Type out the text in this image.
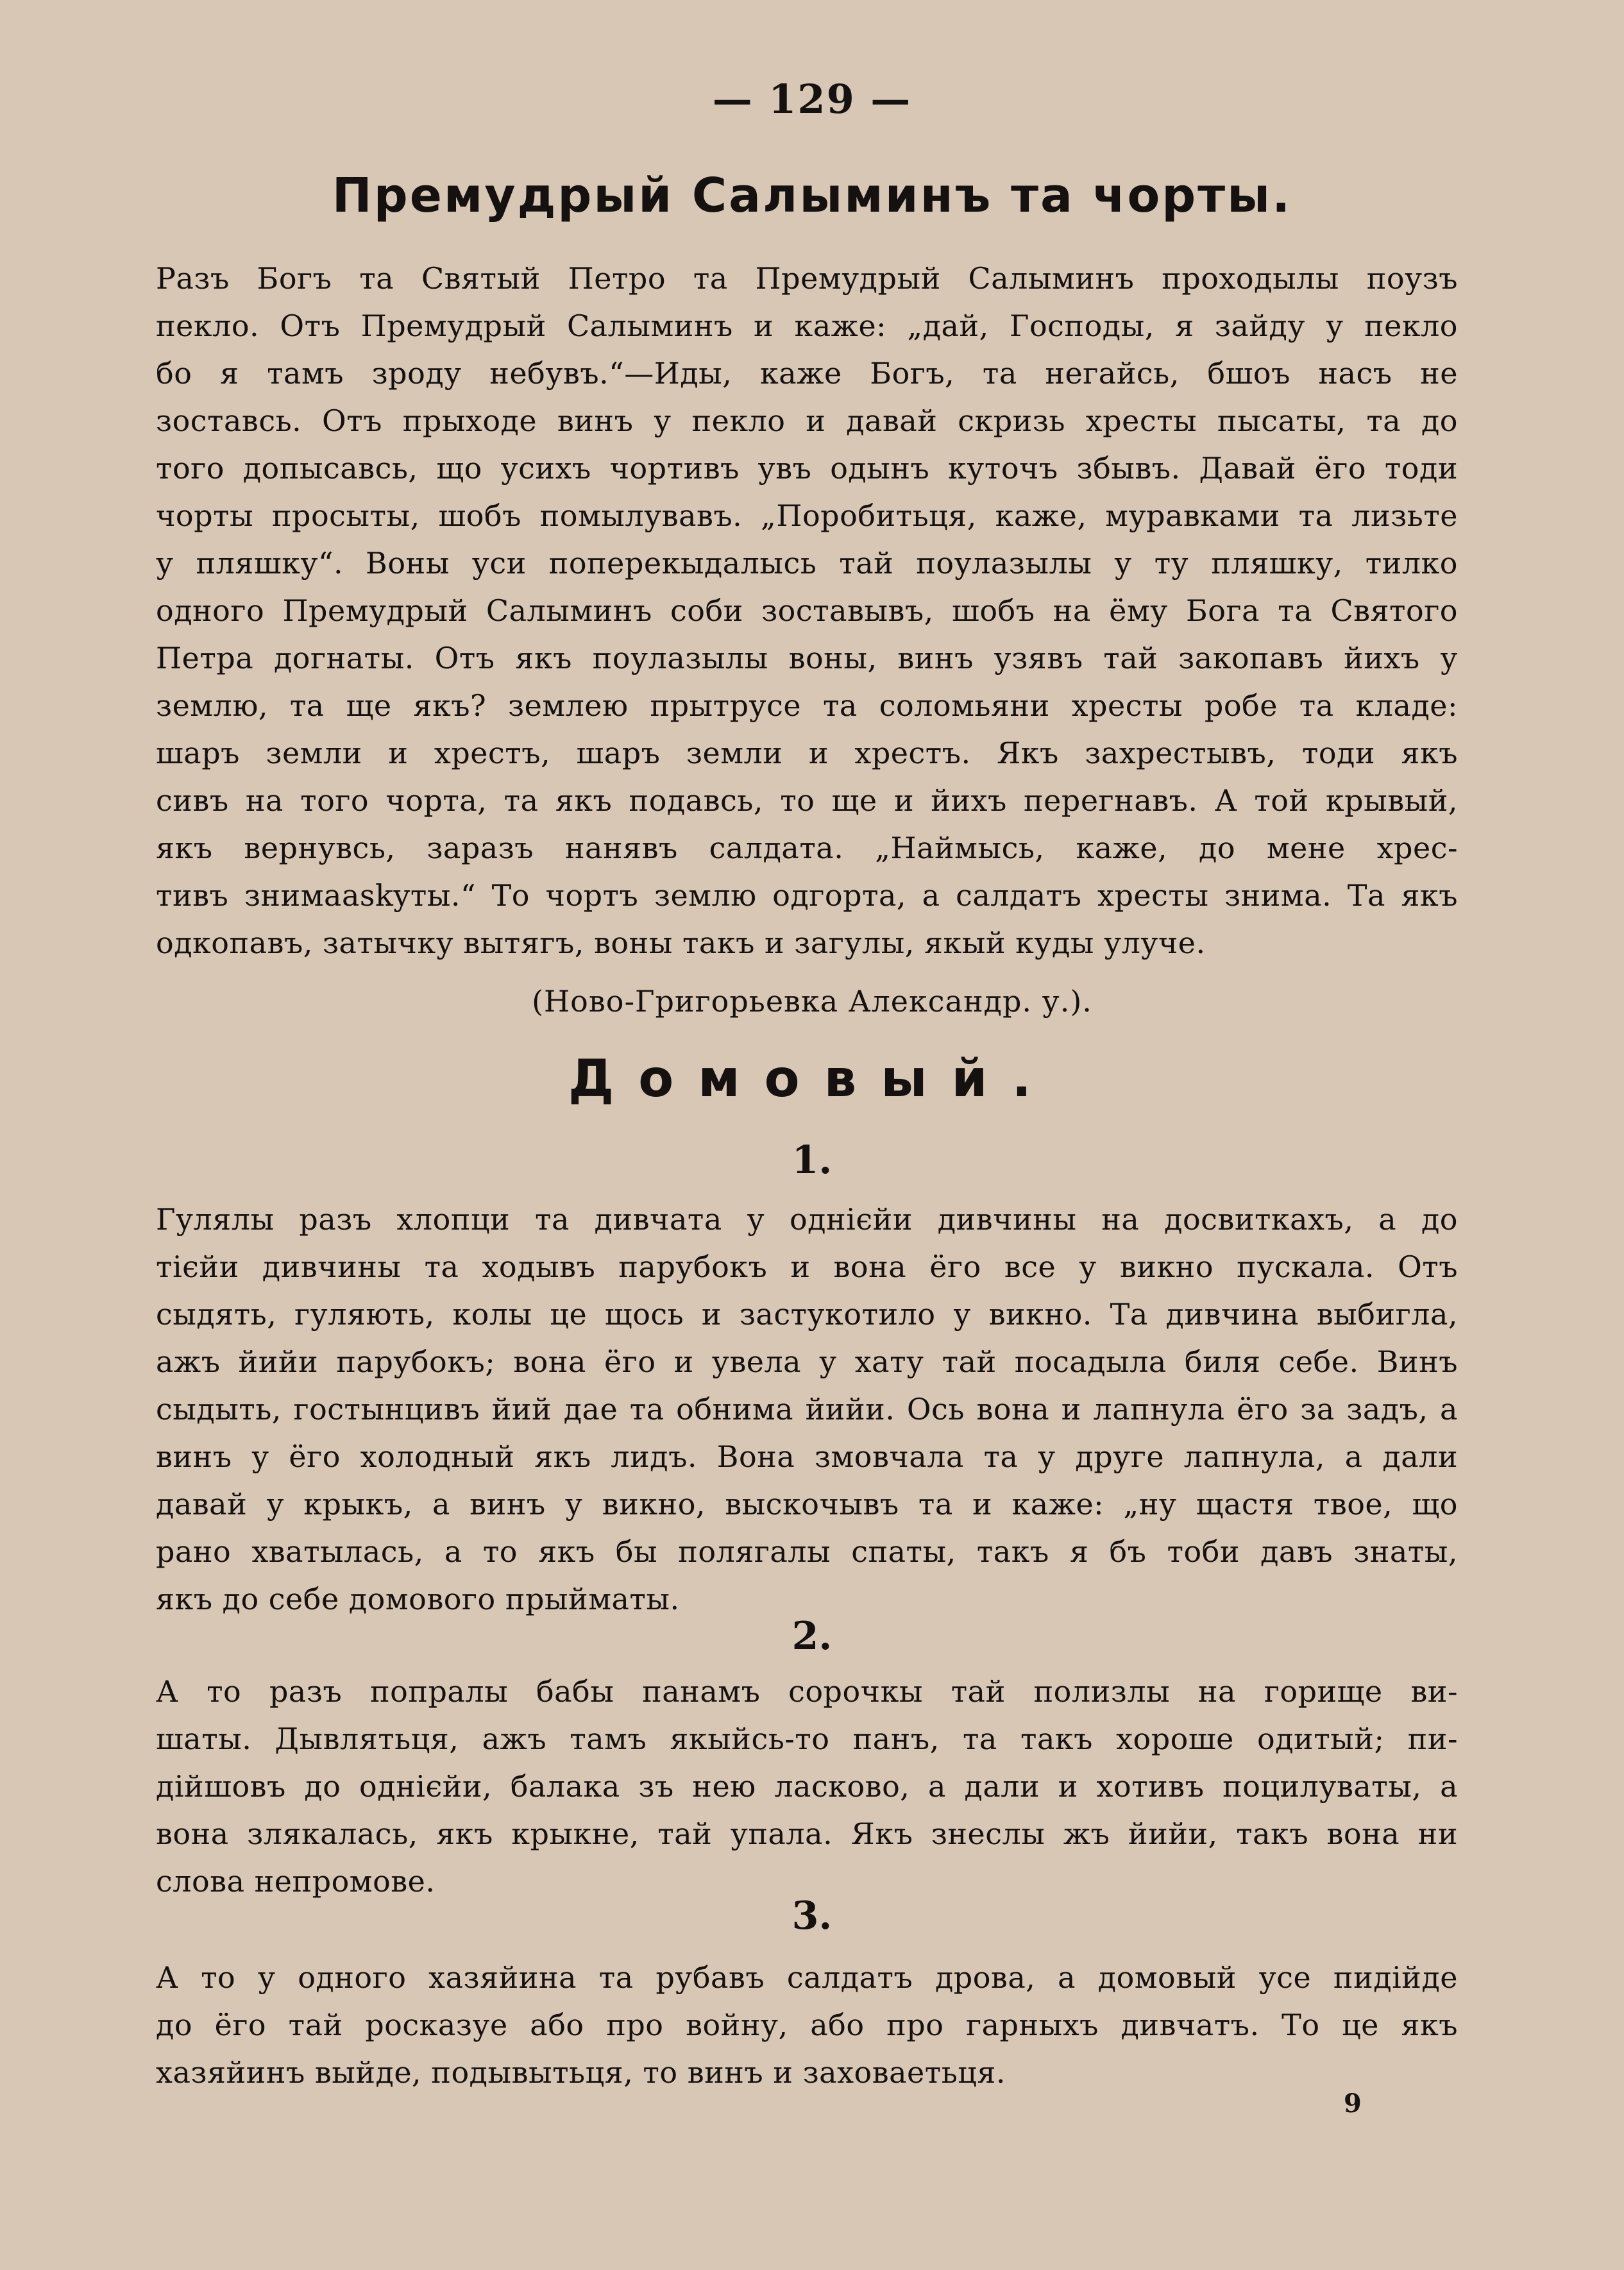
— 129 —
Премудрый Салыминъ та чорты.
Разъ Богъ та Святый Петро та Премудрый Салыминъ проходылы поузъ
пекло. Отъ Премудрый Салыминъ и каже: „дай, Господы, я зайду у пекло
бо я тамъ зроду небувъ.“—Иды, каже Богъ, та негайсь, бшоъ насъ не
зоставсь. Отъ прыходе винъ у пекло и давай скризь хресты пысаты, та до
того допысавсь, що усихъ чортивъ увъ одынъ куточъ збывъ. Давай ёго тоди
чорты просыты, шобъ помылувавъ. „Поробитьця, каже, муравками та лизьте
у пляшку“. Воны уси поперекыдалысь тай поулазылы у ту пляшку, тилко
одного Премудрый Салыминъ соби зоставывъ, шобъ на ёму Бога та Святого
Петра догнаты. Отъ якъ поулазылы воны, винъ узявъ тай закопавъ йихъ у
землю, та ще якъ? землею прытрусе та соломьяни хресты робе та кладе:
шаръ земли и хрестъ, шаръ земли и хрестъ. Якъ захрестывъ, тоди якъ
сивъ на того чорта, та якъ подавсь, то ще и йихъ перегнавъ. А той крывый,
якъ вернувсь, заразъ нанявъ салдата. „Наймысь, каже, до мене хрес-
тивъ знимаaskyты.“ То чортъ землю одгорта, а салдатъ хресты знима. Та якъ
одкопавъ, затычку вытягъ, воны такъ и загулы, якый куды улуче.
(Ново-Григорьевка Александр. у.).
Домовый.
1.
Гулялы разъ хлопци та дивчата у однієйи дивчины на досвиткахъ, а до
тієйи дивчины та ходывъ парубокъ и вона ёго все у викно пускала. Отъ
сыдять, гуляють, колы це щось и застукотило у викно. Та дивчина выбигла,
ажъ йийи парубокъ; вона ёго и увела у хату тай посадыла биля себе. Винъ
сыдыть, гостынцивъ йий дае та обнима йийи. Ось вона и лапнула ёго за задъ, а
винъ у ёго холодный якъ лидъ. Вона змовчала та у друге лапнула, а дали
давай у крыкъ, а винъ у викно, выскочывъ та и каже: „ну щастя твое, що
рано хватылась, а то якъ бы полягалы спаты, такъ я бъ тоби давъ знаты,
якъ до себе домового прыйматы.
2.
А то разъ попралы бабы панамъ сорочкы тай полизлы на горище ви-
шаты. Дывлятьця, ажъ тамъ якыйсь-то панъ, та такъ хороше одитый; пи-
дійшовъ до однієйи, балака зъ нею ласково, а дали и хотивъ поцилуваты, а
вона злякалась, якъ крыкне, тай упала. Якъ знеслы жъ йийи, такъ вона ни
слова непромове.
3.
А то у одного хазяйина та рубавъ салдатъ дрова, а домовый усе пидійде
до ёго тай росказуе або про войну, або про гарныхъ дивчатъ. То це якъ
хазяйинъ выйде, подывытьця, то винъ и заховаетьця.
9
